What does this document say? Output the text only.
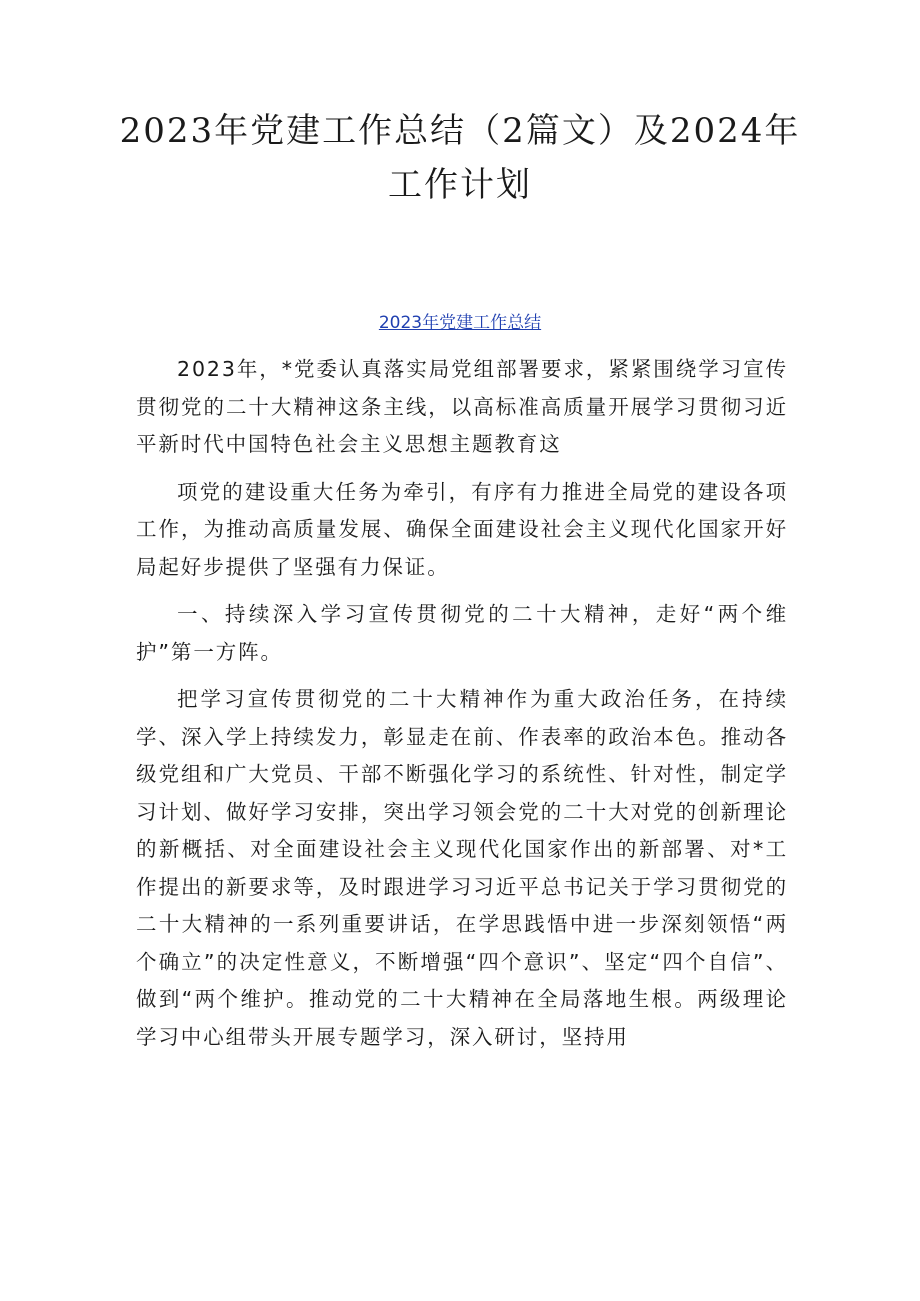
2023年党建工作总结（2篇文）及2024年
工作计划
2023年党建工作总结

2023年，*党委认真落实局党组部署要求，紧紧围绕学习宣传贯彻党的二十大精神这条主线，以高标准高质量开展学习贯彻习近平新时代中国特色社会主义思想主题教育这

项党的建设重大任务为牵引，有序有力推进全局党的建设各项工作，为推动高质量发展、确保全面建设社会主义现代化国家开好局起好步提供了坚强有力保证。

一、持续深入学习宣传贯彻党的二十大精神，走好“两个维护”第一方阵。

把学习宣传贯彻党的二十大精神作为重大政治任务，在持续学、深入学上持续发力，彰显走在前、作表率的政治本色。推动各级党组和广大党员、干部不断强化学习的系统性、针对性，制定学习计划、做好学习安排，突出学习领会党的二十大对党的创新理论的新概括、对全面建设社会主义现代化国家作出的新部署、对*工作提出的新要求等，及时跟进学习习近平总书记关于学习贯彻党的二十大精神的一系列重要讲话，在学思践悟中进一步深刻领悟“两个确立”的决定性意义，不断增强“四个意识”、坚定“四个自信”、做到“两个维护。推动党的二十大精神在全局落地生根。两级理论学习中心组带头开展专题学习，深入研讨，坚持用
